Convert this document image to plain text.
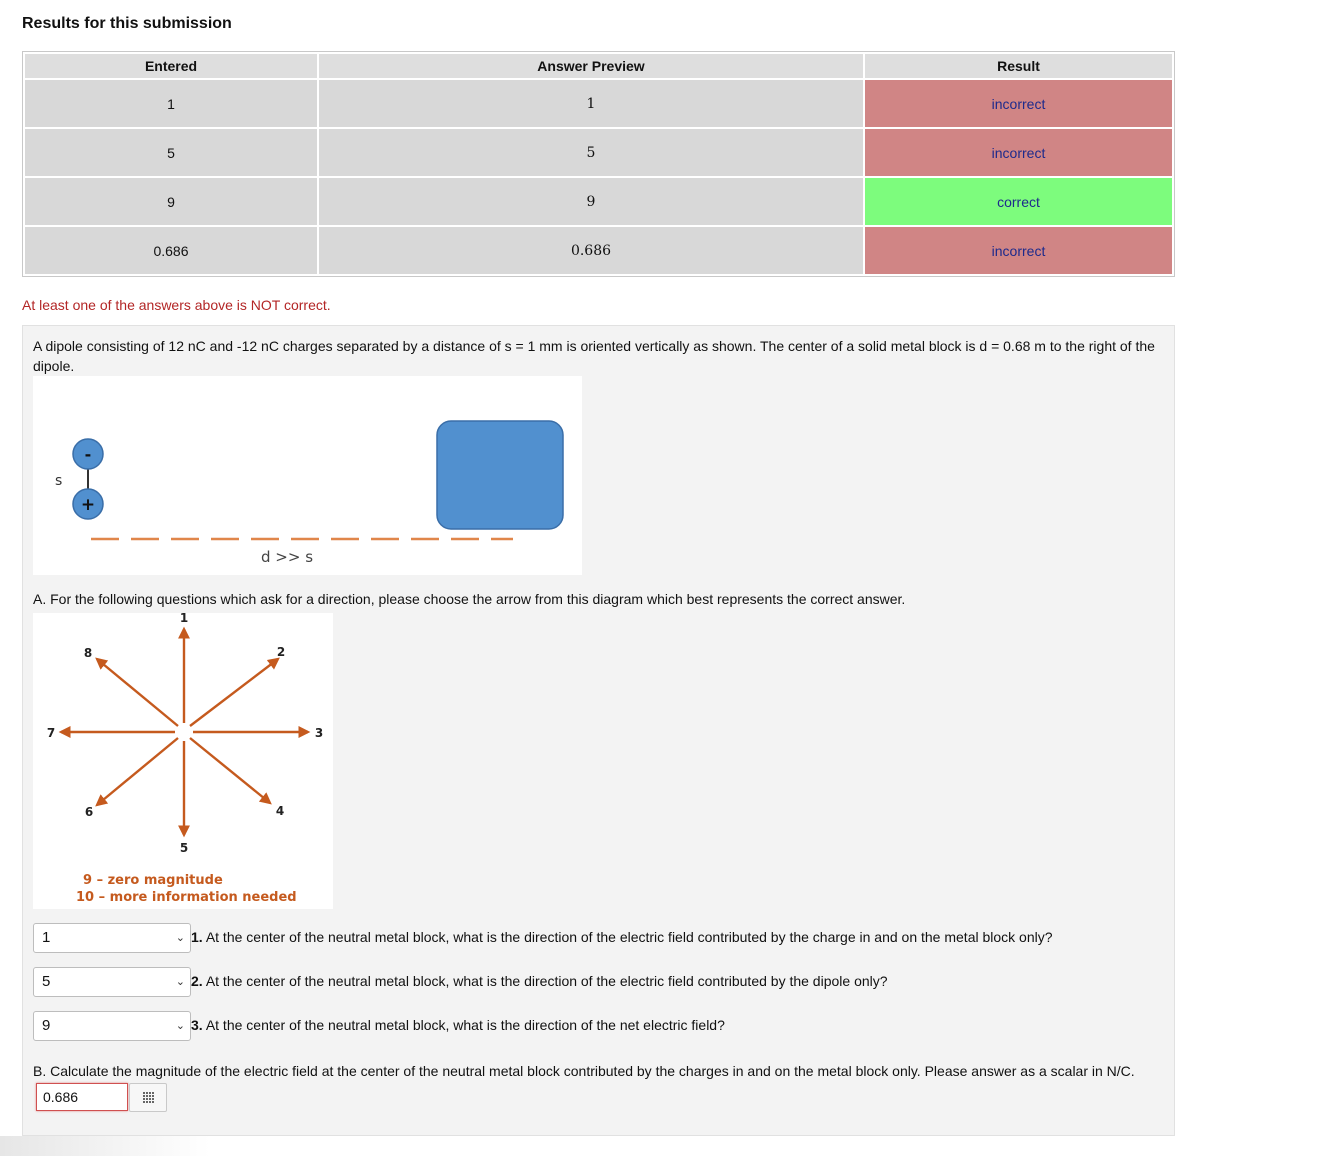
Results for this submission
Entered	Answer Preview	Result
1	1	incorrect
5	5	incorrect
9	9	correct
0.686	0.686	incorrect
At least one of the answers above is NOT correct.
A dipole consisting of 12 nC and -12 nC charges separated by a distance of s = 1 mm is oriented vertically as shown. The center of a solid metal block is d = 0.68 m to the right of the dipole.
s
-
+
d >> s
A. For the following questions which ask for a direction, please choose the arrow from this diagram which best represents the correct answer.
1
2
3
4
5
6
7
8
9 – zero magnitude
10 – more information needed
1	⌄ 1. At the center of the neutral metal block, what is the direction of the electric field contributed by the charge in and on the metal block only?
5	⌄ 2. At the center of the neutral metal block, what is the direction of the electric field contributed by the dipole only?
9	⌄ 3. At the center of the neutral metal block, what is the direction of the net electric field?
B. Calculate the magnitude of the electric field at the center of the neutral metal block contributed by the charges in and on the metal block only. Please answer as a scalar in N/C.
0.686
